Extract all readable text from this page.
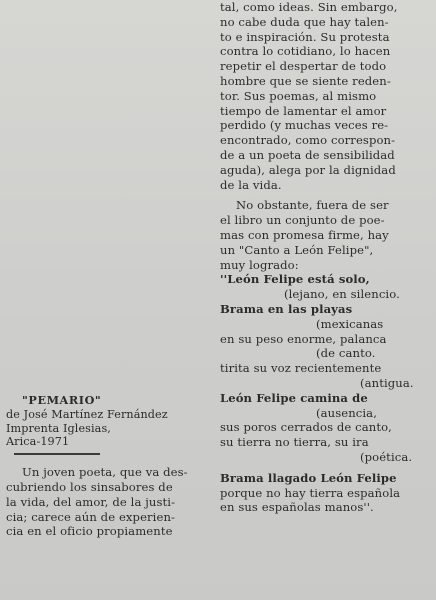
"PEMARIO"
de José Martínez Fernández
Imprenta Iglesias,
Arica-1971
Un joven poeta, que va des-
cubriendo los sinsabores de
la vida, del amor, de la justi-
cia; carece aún de experien-
cia en el oficio propiamente
tal, como ideas. Sin embargo,
no cabe duda que hay talen-
to e inspiración. Su protesta
contra lo cotidiano, lo hacen
repetir el despertar de todo
hombre que se siente reden-
tor. Sus poemas, al mismo
tiempo de lamentar el amor
perdido (y muchas veces re-
encontrado, como correspon-
de a un poeta de sensibilidad
aguda), alega por la dignidad
de la vida.
No obstante, fuera de ser
el libro un conjunto de poe-
mas con promesa firme, hay
un "Canto a León Felipe",
muy logrado:
''León Felipe está solo,
(lejano, en silencio.
Brama en las playas
(mexicanas
en su peso enorme, palanca
(de canto.
tirita su voz recientemente
(antigua.
León Felipe camina de
(ausencia,
sus poros cerrados de canto,
su tierra no tierra, su ira
(poética.
Brama llagado León Felipe
porque no hay tierra española
en sus españolas manos''.
